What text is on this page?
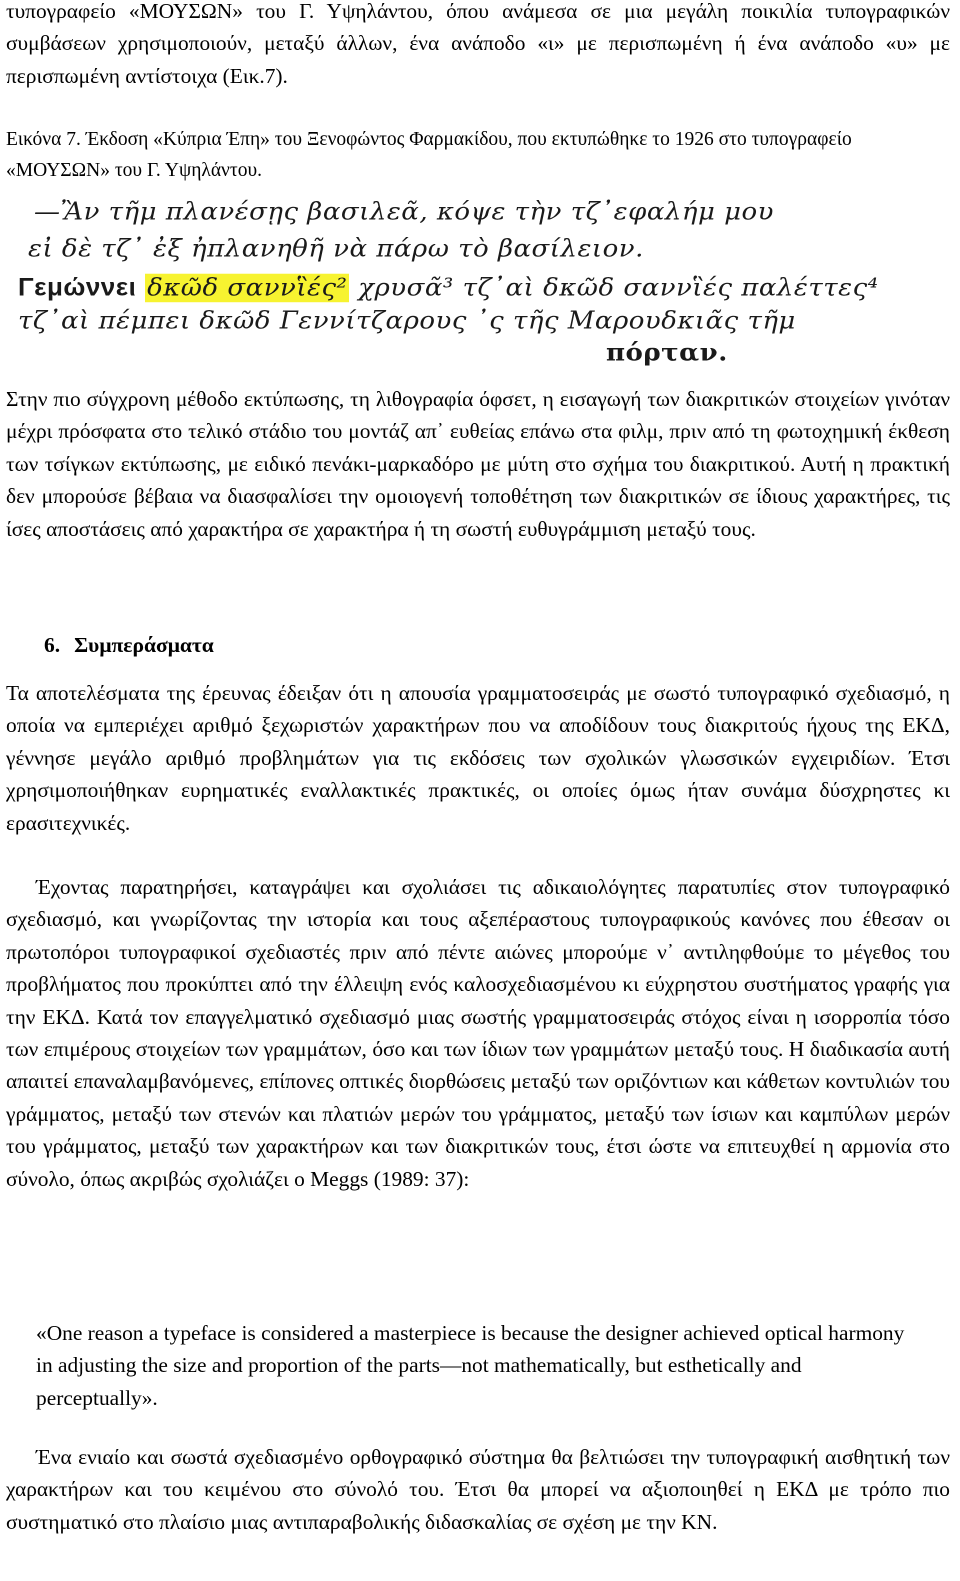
τυπογραφείο «ΜΟΥΣΩΝ» του Γ. Υψηλάντου, όπου ανάμεσα σε μια μεγάλη ποικιλία τυπογραφικών συμβάσεων χρησιμοποιούν, μεταξύ άλλων, ένα ανάποδο «ι» με περισπωμένη ή ένα ανάποδο «υ» με περισπωμένη αντίστοιχα (Εικ.7).

Εικόνα 7. Έκδοση «Κύπρια Έπη» του Ξενοφώντος Φαρμακίδου, που εκτυπώθηκε το 1926 στο τυπογραφείο «ΜΟΥΣΩΝ» του Γ. Υψηλάντου.

—Ἂν τῆμ πλανέσῃς βασιλεᾶ, κόψε τὴν τζ᾽εφαλήμ μου
εἰ δὲ τζ᾽ ἐξ ἠπλανηθῆ νὰ πάρω τὸ βασίλειον.
Γεμώννει δκῶδ σαννἳές² χρυσᾶ³ τζ᾽αὶ δκῶδ σαννἳές παλέττες⁴
τζ᾽αὶ πέμπει δκῶδ Γεννίτζαρους ᾽ς τῆς Μαρουδκιᾶς τῆμ
πόρταν.

Στην πιο σύγχρονη μέθοδο εκτύπωσης, τη λιθογραφία όφσετ, η εισαγωγή των διακριτικών στοιχείων γινόταν μέχρι πρόσφατα στο τελικό στάδιο του μοντάζ απ᾽ ευθείας επάνω στα φιλμ, πριν από τη φωτοχημική έκθεση των τσίγκων εκτύπωσης, με ειδικό πενάκι-μαρκαδόρο με μύτη στο σχήμα του διακριτικού. Αυτή η πρακτική δεν μπορούσε βέβαια να διασφαλίσει την ομοιογενή τοποθέτηση των διακριτικών σε ίδιους χαρακτήρες, τις ίσες αποστάσεις από χαρακτήρα σε χαρακτήρα ή τη σωστή ευθυγράμμιση μεταξύ τους.

6. Συμπεράσματα

Τα αποτελέσματα της έρευνας έδειξαν ότι η απουσία γραμματοσειράς με σωστό τυπογραφικό σχεδιασμό, η οποία να εμπεριέχει αριθμό ξεχωριστών χαρακτήρων που να αποδίδουν τους διακριτούς ήχους της ΕΚΔ, γέννησε μεγάλο αριθμό προβλημάτων για τις εκδόσεις των σχολικών γλωσσικών εγχειριδίων. Έτσι χρησιμοποιήθηκαν ευρηματικές εναλλακτικές πρακτικές, οι οποίες όμως ήταν συνάμα δύσχρηστες κι ερασιτεχνικές.

Έχοντας παρατηρήσει, καταγράψει και σχολιάσει τις αδικαιολόγητες παρατυπίες στον τυπογραφικό σχεδιασμό, και γνωρίζοντας την ιστορία και τους αξεπέραστους τυπογραφικούς κανόνες που έθεσαν οι πρωτοπόροι τυπογραφικοί σχεδιαστές πριν από πέντε αιώνες μπορούμε ν᾽ αντιληφθούμε το μέγεθος του προβλήματος που προκύπτει από την έλλειψη ενός καλοσχεδιασμένου κι εύχρηστου συστήματος γραφής για την ΕΚΔ. Κατά τον επαγγελματικό σχεδιασμό μιας σωστής γραμματοσειράς στόχος είναι η ισορροπία τόσο των επιμέρους στοιχείων των γραμμάτων, όσο και των ίδιων των γραμμάτων μεταξύ τους. Η διαδικασία αυτή απαιτεί επαναλαμβανόμενες, επίπονες οπτικές διορθώσεις μεταξύ των οριζόντιων και κάθετων κοντυλιών του γράμματος, μεταξύ των στενών και πλατιών μερών του γράμματος, μεταξύ των ίσιων και καμπύλων μερών του γράμματος, μεταξύ των χαρακτήρων και των διακριτικών τους, έτσι ώστε να επιτευχθεί η αρμονία στο σύνολο, όπως ακριβώς σχολιάζει ο Meggs (1989: 37):

«One reason a typeface is considered a masterpiece is because the designer achieved optical harmony in adjusting the size and proportion of the parts—not mathematically, but esthetically and perceptually».

Ένα ενιαίο και σωστά σχεδιασμένο ορθογραφικό σύστημα θα βελτιώσει την τυπογραφική αισθητική των χαρακτήρων και του κειμένου στο σύνολό του. Έτσι θα μπορεί να αξιοποιηθεί η ΕΚΔ με τρόπο πιο συστηματικό στο πλαίσιο μιας αντιπαραβολικής διδασκαλίας σε σχέση με την ΚΝ.
